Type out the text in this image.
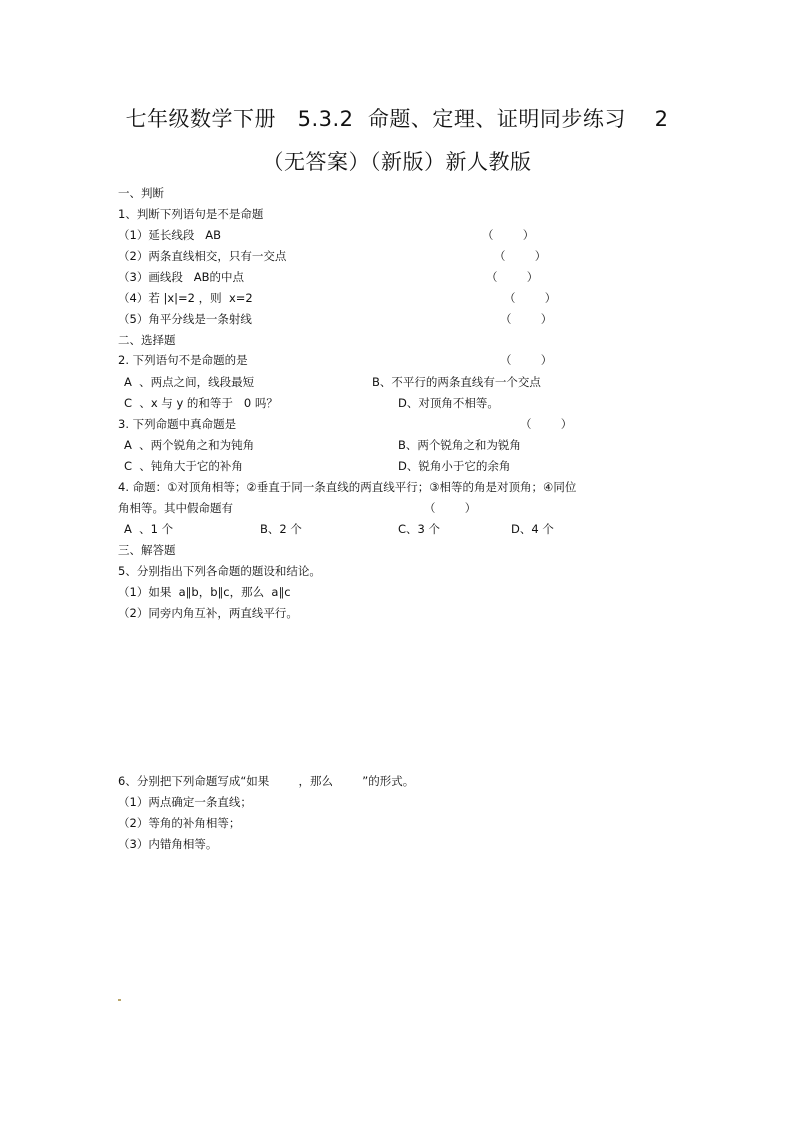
七年级数学下册   5.3.2  命题、定理、证明同步练习    2
（无答案）（新版）新人教版
一、判断
1、判断下列语句是不是命题
（1）延长线段   AB	（        ）
（2）两条直线相交，只有一交点	（        ）
（3）画线段   AB的中点	（        ）
（4）若 |x|=2 ，则  x=2	（        ）
（5）角平分线是一条射线	（        ）
二、选择题
2. 下列语句不是命题的是	（        ）
A  、两点之间，线段最短	B、不平行的两条直线有一个交点
C  、x 与 y 的和等于   0 吗？	D、对顶角不相等。
3. 下列命题中真命题是	（        ）
A  、两个锐角之和为钝角	B、两个锐角之和为锐角
C  、钝角大于它的补角	D、锐角小于它的余角
4. 命题：①对顶角相等；②垂直于同一条直线的两直线平行；③相等的角是对顶角；④同位
角相等。其中假命题有	（        ）
A  、1 个	B、2 个	C、3 个	D、4 个
三、解答题
5、分别指出下列各命题的题设和结论。
（1）如果  a∥b，b∥c，那么  a∥c
（2）同旁内角互补，两直线平行。
6、分别把下列命题写成“如果        ，那么        ”的形式。
（1）两点确定一条直线；
（2）等角的补角相等；
（3）内错角相等。
